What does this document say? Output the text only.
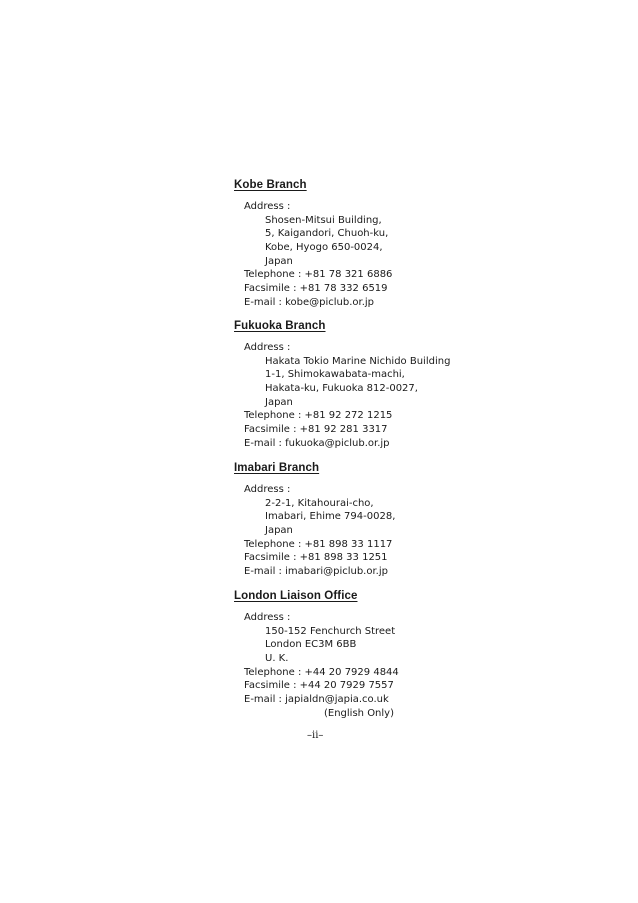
Kobe Branch
Address :
Shosen-Mitsui Building,
5, Kaigandori, Chuoh-ku,
Kobe, Hyogo 650-0024,
Japan
Telephone : +81 78 321 6886
Facsimile : +81 78 332 6519
E-mail : kobe@piclub.or.jp
Fukuoka Branch
Address :
Hakata Tokio Marine Nichido Building
1-1, Shimokawabata-machi,
Hakata-ku, Fukuoka 812-0027,
Japan
Telephone : +81 92 272 1215
Facsimile : +81 92 281 3317
E-mail : fukuoka@piclub.or.jp
Imabari Branch
Address :
2-2-1, Kitahourai-cho,
Imabari, Ehime 794-0028,
Japan
Telephone : +81 898 33 1117
Facsimile : +81 898 33 1251
E-mail : imabari@piclub.or.jp
London Liaison Office
Address :
150-152 Fenchurch Street
London EC3M 6BB
U. K.
Telephone : +44 20 7929 4844
Facsimile : +44 20 7929 7557
E-mail : japialdn@japia.co.uk
(English Only)
–ii–
